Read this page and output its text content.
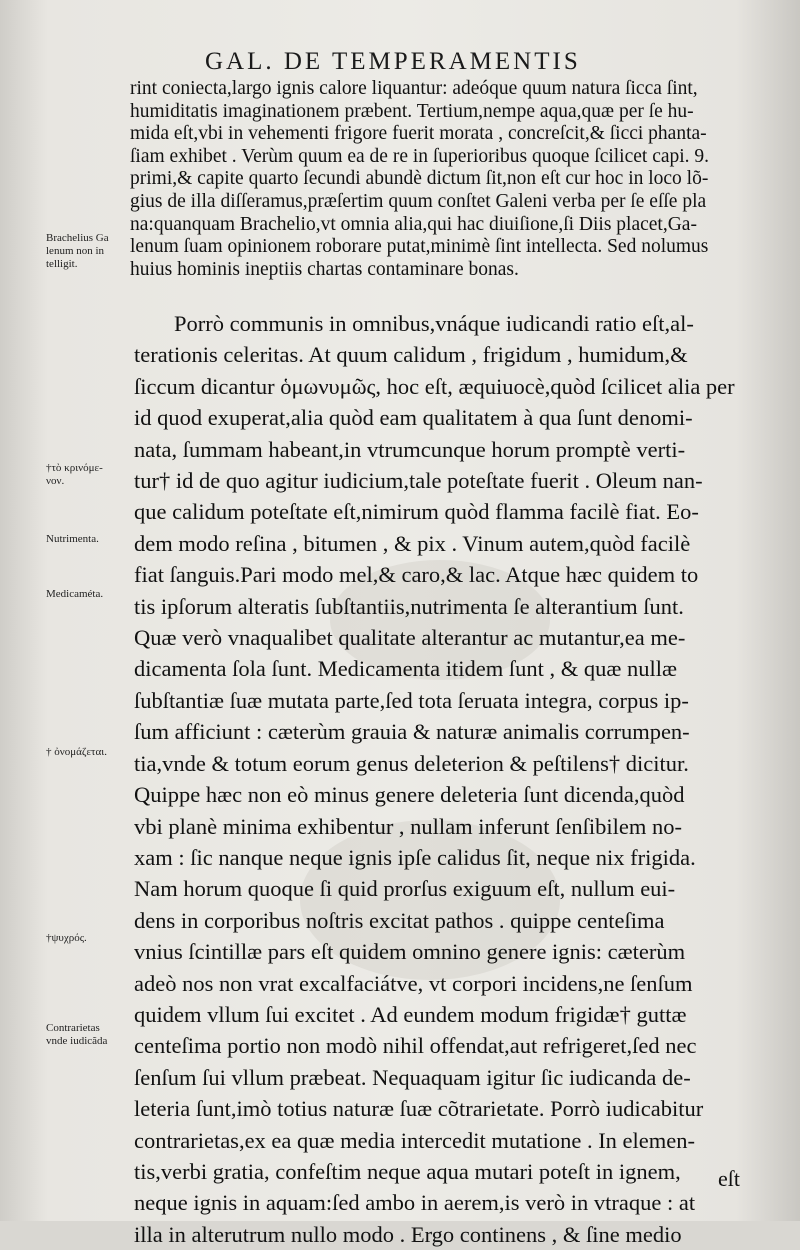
GAL. DE TEMPERAMENTIS
rint coniecta,largo ignis calore liquantur: adeóque quum natura ſicca ſint,
humiditatis imaginationem præbent. Tertium,nempe aqua,quæ per ſe hu-
mida eſt,vbi in vehementi frigore fuerit morata , concreſcit,& ſicci phanta-
ſiam exhibet . Verùm quum ea de re in ſuperioribus quoque ſcilicet capi. 9.
primi,& capite quarto ſecundi abundè dictum ſit,non eſt cur hoc in loco lõ-
gius de illa diſſeramus,præſertim quum conſtet Galeni verba per ſe eſſe pla
na:quanquam Brachelio,vt omnia alia,qui hac diuiſione,ſi Diis placet,Ga-
lenum ſuam opinionem roborare putat,minimè ſint intellecta. Sed nolumus
huius hominis ineptiis chartas contaminare bonas.
Porrò communis in omnibus,vnáque iudicandi ratio eſt,al-
terationis celeritas. At quum calidum , frigidum , humidum,&
ſiccum dicantur ὁμωνυμῶς, hoc eſt, æquiuocè,quòd ſcilicet alia per
id quod exuperat,alia quòd eam qualitatem à qua ſunt denomi-
nata, ſummam habeant,in vtrumcunque horum promptè verti-
tur† id de quo agitur iudicium,tale poteſtate fuerit . Oleum nan-
que calidum poteſtate eſt,nimirum quòd flamma facilè fiat. Eo-
dem modo reſina , bitumen , & pix . Vinum autem,quòd facilè
fiat ſanguis.Pari modo mel,& caro,& lac. Atque hæc quidem to
tis ipſorum alteratis ſubſtantiis,nutrimenta ſe alterantium ſunt.
Quæ verò vnaqualibet qualitate alterantur ac mutantur,ea me-
dicamenta ſola ſunt. Medicamenta itidem ſunt , & quæ nullæ
ſubſtantiæ ſuæ mutata parte,ſed tota ſeruata integra, corpus ip-
ſum afficiunt : cæterùm grauia & naturæ animalis corrumpen-
tia,vnde & totum eorum genus deleterion & peſtilens† dicitur.
Quippe hæc non eò minus genere deleteria ſunt dicenda,quòd
vbi planè minima exhibentur , nullam inferunt ſenſibilem no-
xam : ſic nanque neque ignis ipſe calidus ſit, neque nix frigida.
Nam horum quoque ſi quid prorſus exiguum eſt, nullum eui-
dens in corporibus noſtris excitat pathos . quippe centeſima
vnius ſcintillæ pars eſt quidem omnino genere ignis: cæterùm
adeò nos non vrat excalfaciátve, vt corpori incidens,ne ſenſum
quidem vllum ſui excitet . Ad eundem modum frigidæ† guttæ
centeſima portio non modò nihil offendat,aut refrigeret,ſed nec
ſenſum ſui vllum præbeat. Nequaquam igitur ſic iudicanda de-
leteria ſunt,imò totius naturæ ſuæ cõtrarietate. Porrò iudicabitur
contrarietas,ex ea quæ media intercedit mutatione . In elemen-
tis,verbi gratia, confeſtim neque aqua mutari poteſt in ignem,
neque ignis in aquam:ſed ambo in aerem,is verò in vtraque : at
illa in alterutrum nullo modo . Ergo continens , & ſine medio
eſt
Brachelius Ga
lenum non in
telligit.
†τὸ κρινόμε-
νον.
Nutrimenta.
Medicaméta.
† ὀνομάζεται.
†ψυχρός.
Contrarietas
vnde iudicãda
